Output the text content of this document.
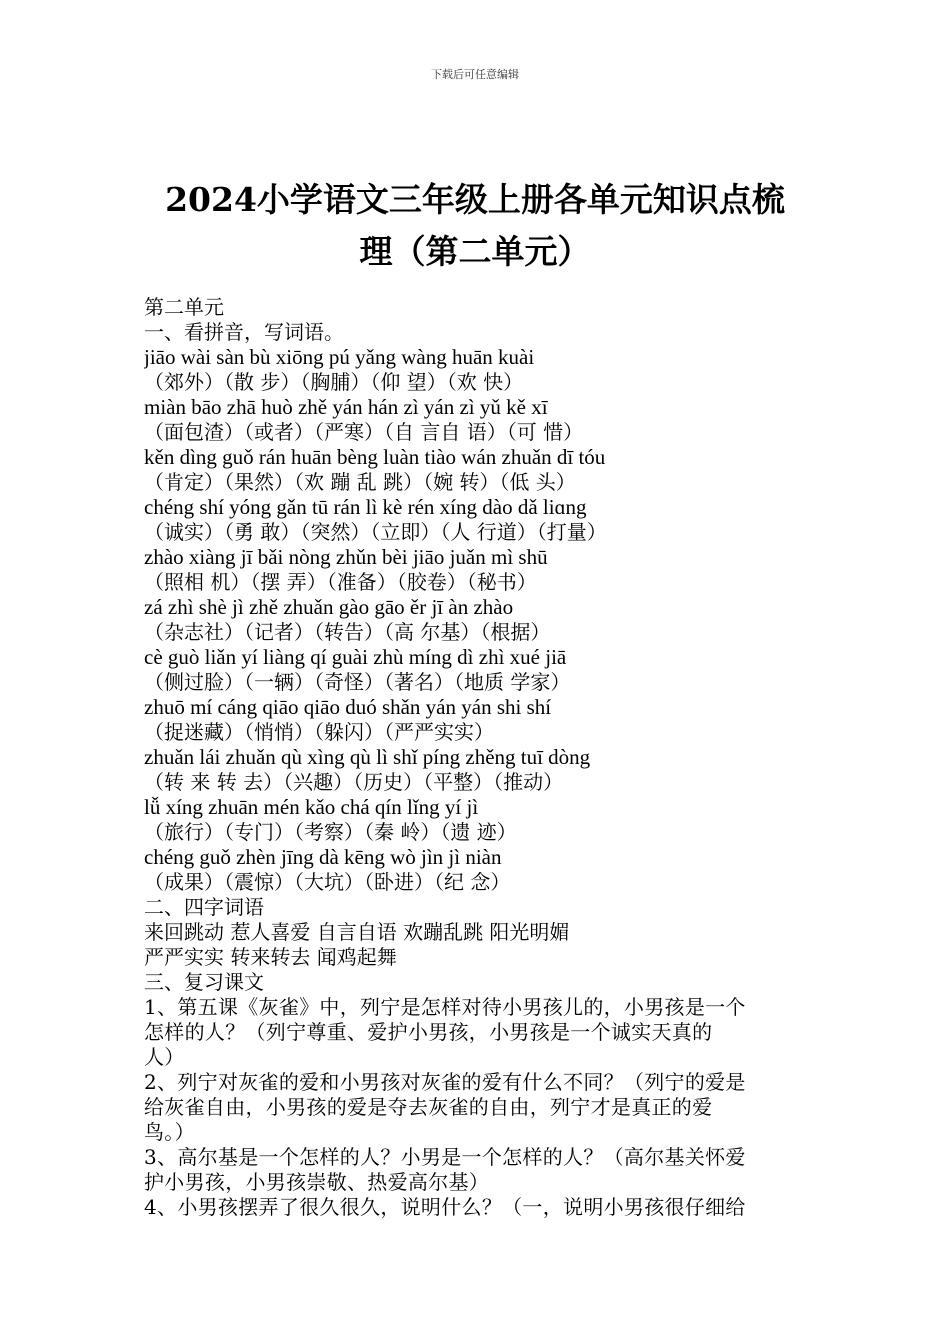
下载后可任意编辑
2024小学语文三年级上册各单元知识点梳
理（第二单元）
第二单元
一、看拼音，写词语。
jiāo wài sàn bù xiōng pú yǎng wàng huān kuài
（郊外）（散 步）（胸脯）（仰 望）（欢 快）
miàn bāo zhā huò zhě yán hán zì yán zì yǔ kě xī
（面包渣）（或者）（严寒）（自 言自 语）（可 惜）
kěn dìng guǒ rán huān bèng luàn tiào wán zhuǎn dī tóu
（肯定）（果然）（欢 蹦 乱 跳）（婉 转）（低 头）
chéng shí yóng gǎn tū rán lì kè rén xíng dào dǎ liɑng
（诚实）（勇 敢）（突然）（立即）（人 行道）（打量）
zhào xiàng jī bǎi nòng zhǔn bèi jiāo juǎn mì shū
（照相 机）（摆 弄）（准备）（胶卷）（秘书）
zá zhì shè jì zhě zhuǎn gào gāo ěr jī àn zhào
（杂志社）（记者）（转告）（高 尔基）（根据）
cè guò liǎn yí liàng qí guài zhù míng dì zhì xué jiā
（侧过脸）（一辆）（奇怪）（著名）（地质 学家）
zhuō mí cáng qiāo qiāo duó shǎn yán yán shi shí
（捉迷藏）（悄悄）（躲闪）（严严实实）
zhuǎn lái zhuǎn qù xìng qù lì shǐ píng zhěng tuī dòng
（转 来 转 去）（兴趣）（历史）（平整）（推动）
lǚ xíng zhuān mén kǎo chá qín lǐng yí jì
（旅行）（专门）（考察）（秦 岭）（遗 迹）
chéng guǒ zhèn jīng dà kēng wò jìn jì niàn
（成果）（震惊）（大坑）（卧进）（纪 念）
二、四字词语
来回跳动 惹人喜爱 自言自语 欢蹦乱跳 阳光明媚
严严实实 转来转去 闻鸡起舞
三、复习课文
1、第五课《灰雀》中，列宁是怎样对待小男孩儿的，小男孩是一个
怎样的人？（列宁尊重、爱护小男孩，小男孩是一个诚实天真的
人）
2、列宁对灰雀的爱和小男孩对灰雀的爱有什么不同？（列宁的爱是
给灰雀自由，小男孩的爱是夺去灰雀的自由，列宁才是真正的爱
鸟。）
3、高尔基是一个怎样的人？小男是一个怎样的人？（高尔基关怀爱
护小男孩，小男孩崇敬、热爱高尔基）
4、小男孩摆弄了很久很久，说明什么？（一，说明小男孩很仔细给
